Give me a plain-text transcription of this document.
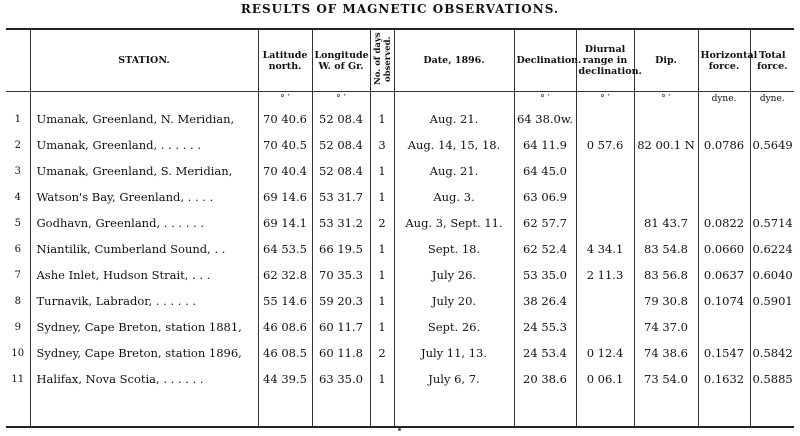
RESULTS OF MAGNETIC OBSERVATIONS.
	STATION.	Latitude north.	Longitude W. of Gr.	No. of days observed.	Date, 1896.	Declination.	Diurnal range in declination.	Dip.	Horizontal force.	Total force.
		° ′	° ′			° ′	° ′	° ′	dyne.	dyne.
1	Umanak, Greenland, N. Meridian,	70 40.6	52 08.4	1	Aug. 21.	64 38.0w.				
2	Umanak, Greenland, . . . . . .	70 40.5	52 08.4	3	Aug. 14, 15, 18.	64 11.9	0 57.6	82 00.1 N	0.0786	0.5649
3	Umanak, Greenland, S. Meridian,	70 40.4	52 08.4	1	Aug. 21.	64 45.0				
4	Watson's Bay, Greenland, . . . .	69 14.6	53 31.7	1	Aug. 3.	63 06.9				
5	Godhavn, Greenland, . . . . . .	69 14.1	53 31.2	2	Aug. 3, Sept. 11.	62 57.7		81 43.7	0.0822	0.5714
6	Niantilik, Cumberland Sound, . .	64 53.5	66 19.5	1	Sept. 18.	62 52.4	4 34.1	83 54.8	0.0660	0.6224
7	Ashe Inlet, Hudson Strait, . . .	62 32.8	70 35.3	1	July 26.	53 35.0	2 11.3	83 56.8	0.0637	0.6040
8	Turnavik, Labrador, . . . . . .	55 14.6	59 20.3	1	July 20.	38 26.4		79 30.8	0.1074	0.5901
9	Sydney, Cape Breton, station 1881,	46 08.6	60 11.7	1	Sept. 26.	24 55.3		74 37.0		
10	Sydney, Cape Breton, station 1896,	46 08.5	60 11.8	2	July 11, 13.	24 53.4	0 12.4	74 38.6	0.1547	0.5842
11	Halifax, Nova Scotia, . . . . . .	44 39.5	63 35.0	1	July 6, 7.	20 38.6	0 06.1	73 54.0	0.1632	0.5885
